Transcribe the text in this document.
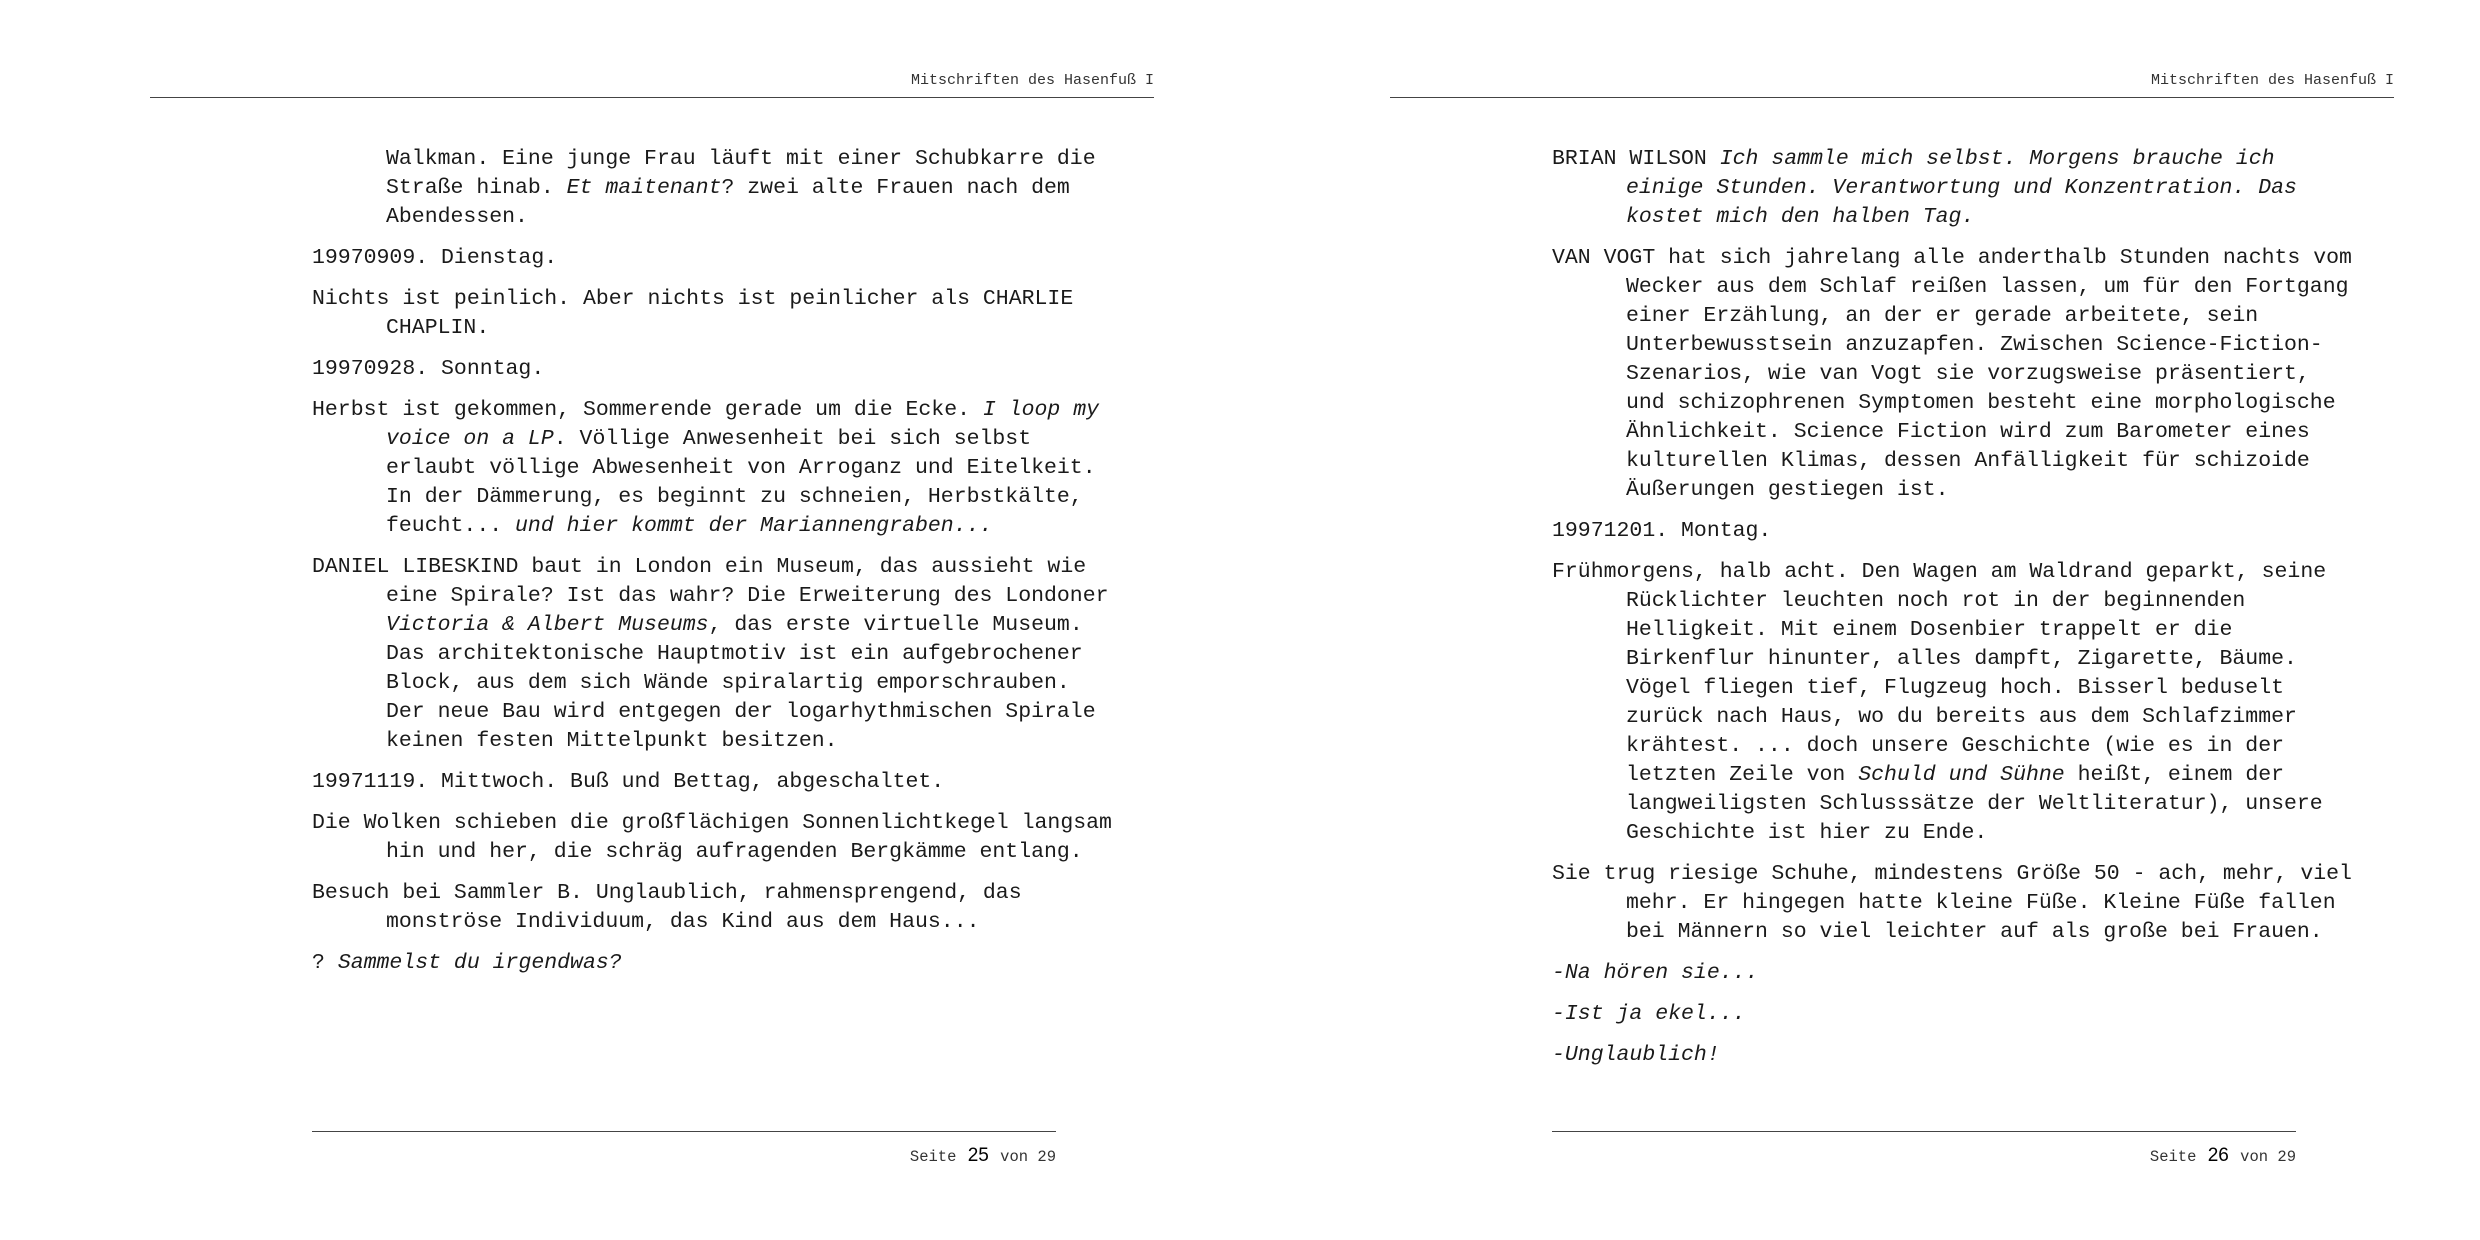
Mitschriften des Hasenfuß I

Walkman. Eine junge Frau läuft mit einer Schubkarre die Straße hinab. Et maitenant? zwei alte Frauen nach dem Abendessen.

19970909. Dienstag.

Nichts ist peinlich. Aber nichts ist peinlicher als CHARLIE CHAPLIN.

19970928. Sonntag.

Herbst ist gekommen, Sommerende gerade um die Ecke. I loop my voice on a LP. Völlige Anwesenheit bei sich selbst erlaubt völlige Abwesenheit von Arroganz und Eitelkeit. In der Dämmerung, es beginnt zu schneien, Herbstkälte, feucht... und hier kommt der Mariannengraben...

DANIEL LIBESKIND baut in London ein Museum, das aussieht wie eine Spirale? Ist das wahr? Die Erweiterung des Londoner Victoria & Albert Museums, das erste virtuelle Museum. Das architektonische Hauptmotiv ist ein aufgebrochener Block, aus dem sich Wände spiralartig emporschrauben. Der neue Bau wird entgegen der logarhythmischen Spirale keinen festen Mittelpunkt besitzen.

19971119. Mittwoch. Buß und Bettag, abgeschaltet.

Die Wolken schieben die großflächigen Sonnenlichtkegel langsam hin und her, die schräg aufragenden Bergkämme entlang.

Besuch bei Sammler B. Unglaublich, rahmensprengend, das monströse Individuum, das Kind aus dem Haus...

? Sammelst du irgendwas?

Seite 25 von 29
Mitschriften des Hasenfuß I

BRIAN WILSON Ich sammle mich selbst. Morgens brauche ich einige Stunden. Verantwortung und Konzentration. Das kostet mich den halben Tag.

VAN VOGT hat sich jahrelang alle anderthalb Stunden nachts vom Wecker aus dem Schlaf reißen lassen, um für den Fortgang einer Erzählung, an der er gerade arbeitete, sein Unterbewusstsein anzuzapfen. Zwischen Science-Fiction-Szenarios, wie van Vogt sie vorzugsweise präsentiert, und schizophrenen Symptomen besteht eine morphologische Ähnlichkeit. Science Fiction wird zum Barometer eines kulturellen Klimas, dessen Anfälligkeit für schizoide Äußerungen gestiegen ist.

19971201. Montag.

Frühmorgens, halb acht. Den Wagen am Waldrand geparkt, seine Rücklichter leuchten noch rot in der beginnenden Helligkeit. Mit einem Dosenbier trappelt er die Birkenflur hinunter, alles dampft, Zigarette, Bäume. Vögel fliegen tief, Flugzeug hoch. Bisserl beduselt zurück nach Haus, wo du bereits aus dem Schlafzimmer krähtest. ... doch unsere Geschichte (wie es in der letzten Zeile von Schuld und Sühne heißt, einem der langweiligsten Schlusssätze der Weltliteratur), unsere Geschichte ist hier zu Ende.

Sie trug riesige Schuhe, mindestens Größe 50 - ach, mehr, viel mehr. Er hingegen hatte kleine Füße. Kleine Füße fallen bei Männern so viel leichter auf als große bei Frauen.

-Na hören sie...

-Ist ja ekel...

-Unglaublich!

Seite 26 von 29
